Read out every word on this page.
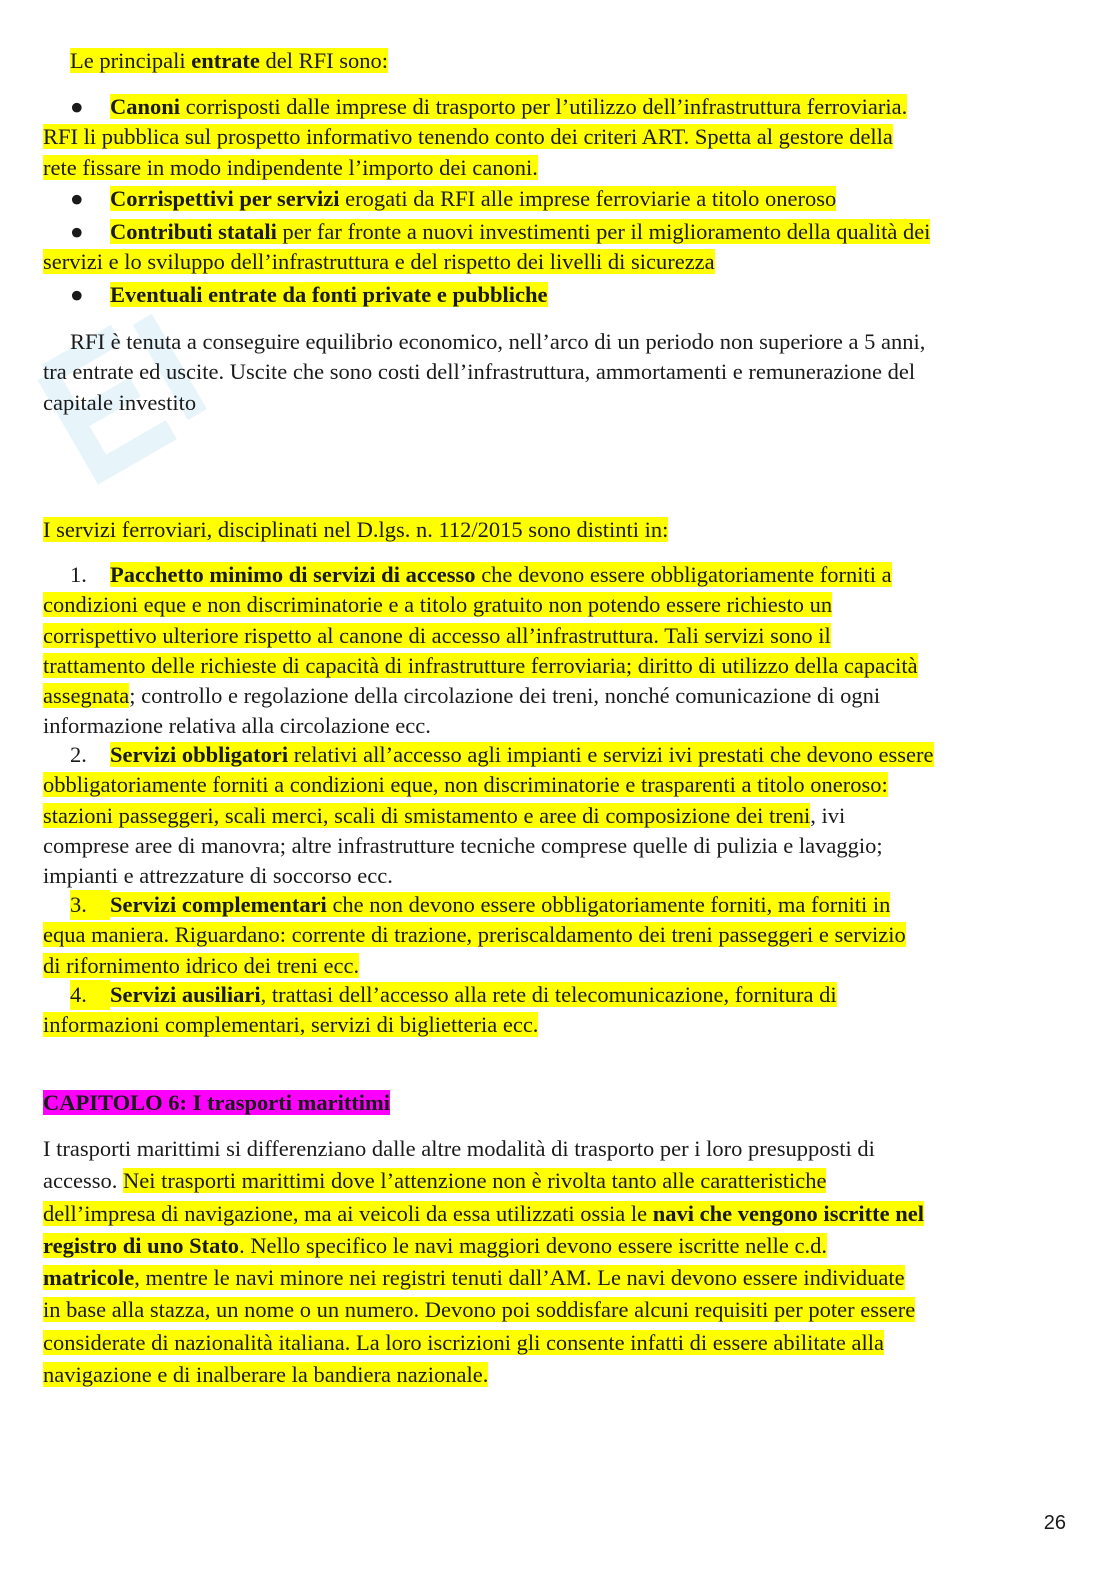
Le principali entrate del RFI sono:
● Canoni corrisposti dalle imprese di trasporto per l’utilizzo dell’infrastruttura ferroviaria.
RFI li pubblica sul prospetto informativo tenendo conto dei criteri ART. Spetta al gestore della
rete fissare in modo indipendente l’importo dei canoni.
● Corrispettivi per servizi erogati da RFI alle imprese ferroviarie a titolo oneroso
● Contributi statali per far fronte a nuovi investimenti per il miglioramento della qualità dei
servizi e lo sviluppo dell’infrastruttura e del rispetto dei livelli di sicurezza
● Eventuali entrate da fonti private e pubbliche
RFI è tenuta a conseguire equilibrio economico, nell’arco di un periodo non superiore a 5 anni,
tra entrate ed uscite. Uscite che sono costi dell’infrastruttura, ammortamenti e remunerazione del
capitale investito
I servizi ferroviari, disciplinati nel D.lgs. n. 112/2015 sono distinti in:
1. Pacchetto minimo di servizi di accesso che devono essere obbligatoriamente forniti a
condizioni eque e non discriminatorie e a titolo gratuito non potendo essere richiesto un
corrispettivo ulteriore rispetto al canone di accesso all’infrastruttura. Tali servizi sono il
trattamento delle richieste di capacità di infrastrutture ferroviaria; diritto di utilizzo della capacità
assegnata; controllo e regolazione della circolazione dei treni, nonché comunicazione di ogni
informazione relativa alla circolazione ecc.
2. Servizi obbligatori relativi all’accesso agli impianti e servizi ivi prestati che devono essere
obbligatoriamente forniti a condizioni eque, non discriminatorie e trasparenti a titolo oneroso:
stazioni passeggeri, scali merci, scali di smistamento e aree di composizione dei treni, ivi
comprese aree di manovra; altre infrastrutture tecniche comprese quelle di pulizia e lavaggio;
impianti e attrezzature di soccorso ecc.
3. Servizi complementari che non devono essere obbligatoriamente forniti, ma forniti in
equa maniera. Riguardano: corrente di trazione, preriscaldamento dei treni passeggeri e servizio
di rifornimento idrico dei treni ecc.
4. Servizi ausiliari, trattasi dell’accesso alla rete di telecomunicazione, fornitura di
informazioni complementari, servizi di biglietteria ecc.
CAPITOLO 6: I trasporti marittimi
I trasporti marittimi si differenziano dalle altre modalità di trasporto per i loro presupposti di
accesso. Nei trasporti marittimi dove l’attenzione non è rivolta tanto alle caratteristiche
dell’impresa di navigazione, ma ai veicoli da essa utilizzati ossia le navi che vengono iscritte nel
registro di uno Stato. Nello specifico le navi maggiori devono essere iscritte nelle c.d.
matricole, mentre le navi minore nei registri tenuti dall’AM. Le navi devono essere individuate
in base alla stazza, un nome o un numero. Devono poi soddisfare alcuni requisiti per poter essere
considerate di nazionalità italiana. La loro iscrizioni gli consente infatti di essere abilitate alla
navigazione e di inalberare la bandiera nazionale.
26
